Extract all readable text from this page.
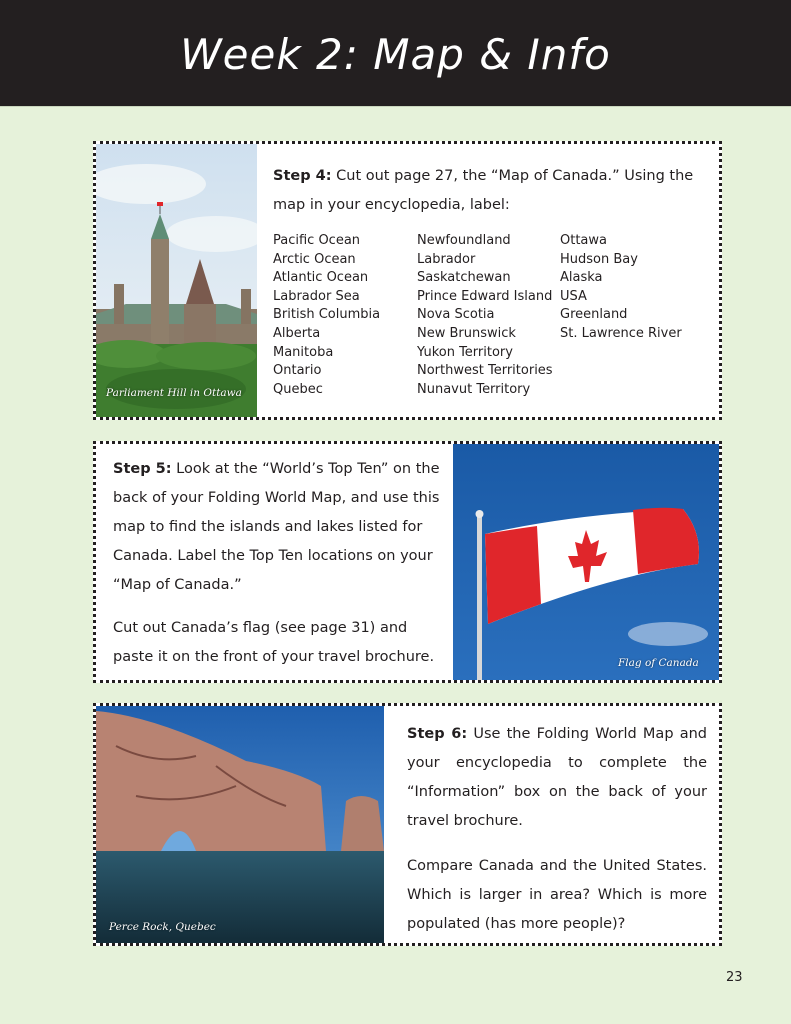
Week 2: Map & Info
Parliament Hill in Ottawa

Step 4: Cut out page 27, the “Map of Canada.” Using the map in your encyclopedia, label:

Pacific Ocean
Arctic Ocean
Atlantic Ocean
Labrador Sea
British Columbia
Alberta
Manitoba
Ontario
Quebec
Newfoundland
Labrador
Saskatchewan
Prince Edward Island
Nova Scotia
New Brunswick
Yukon Territory
Northwest Territories
Nunavut Territory
Ottawa
Hudson Bay
Alaska
USA
Greenland
St. Lawrence River

Step 5: Look at the “World’s Top Ten” on the back of your Folding World Map, and use this map to find the islands and lakes listed for Canada. Label the Top Ten locations on your “Map of Canada.”

Cut out Canada’s flag (see page 31) and paste it on the front of your travel brochure.	Flag of Canada
Perce Rock, Quebec

Step 6: Use the Folding World Map and your encyclopedia to complete the “Information” box on the back of your travel brochure.

Compare Canada and the United States. Which is larger in area? Which is more populated (has more people)?

23
